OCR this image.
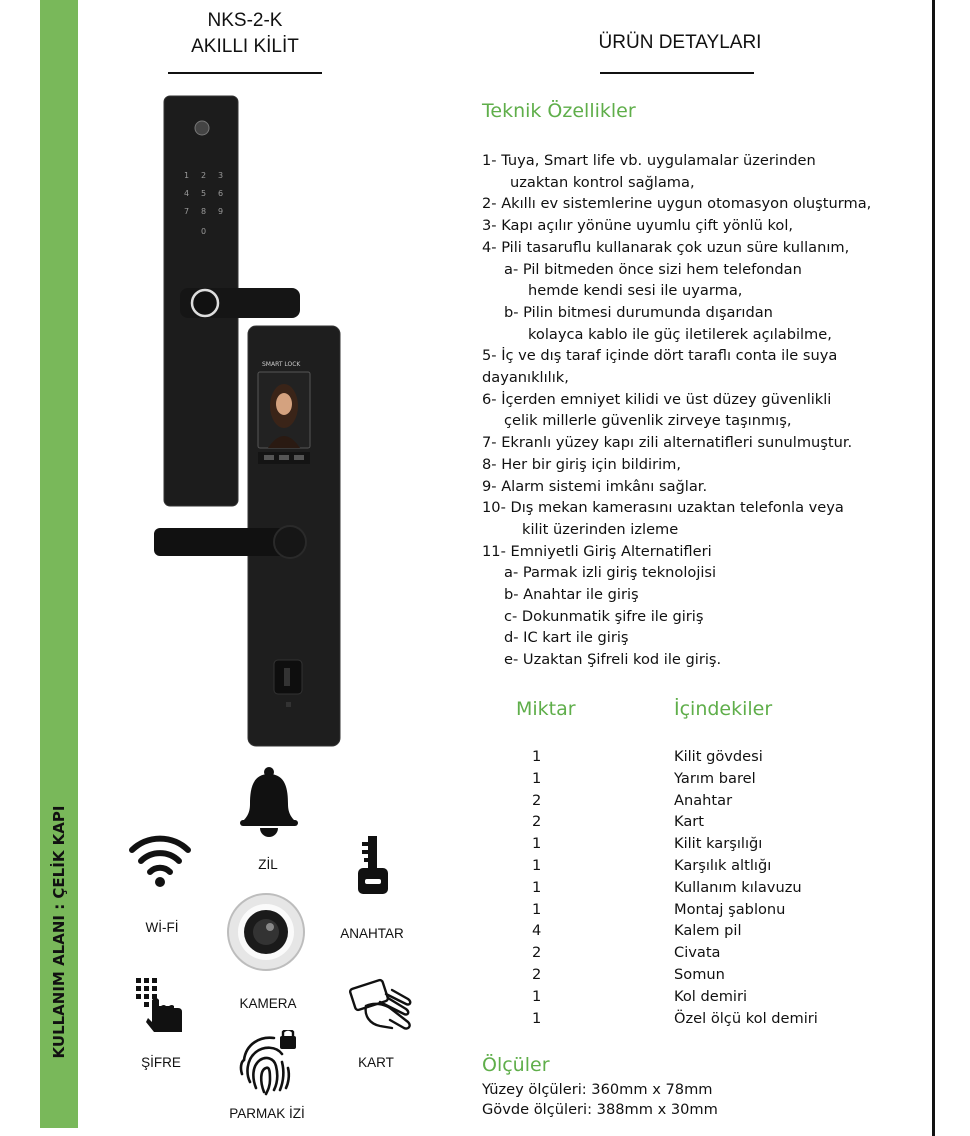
KULLANIM ALANI : ÇELİK KAPI
NKS-2-K
AKILLI KİLİT	ÜRÜN DETAYLARI
1 2 3
4 5 6
7 8 9
0
SMART LOCK
Wİ-Fİ
ZİL
ANAHTAR
KAMERA
ŞİFRE	KART
PARMAK İZİ
Teknik Özellikler
1- Tuya, Smart life vb. uygulamalar üzerinden
uzaktan kontrol sağlama,
2- Akıllı ev sistemlerine uygun otomasyon oluşturma,
3- Kapı açılır yönüne uyumlu çift yönlü kol,
4- Pili tasaruflu kullanarak çok uzun süre kullanım,
a- Pil bitmeden önce sizi hem telefondan
hemde kendi sesi ile uyarma,
b- Pilin bitmesi durumunda dışarıdan
kolayca kablo ile güç iletilerek açılabilme,
5- İç ve dış taraf içinde dört taraflı conta ile suya
dayanıklılık,
6- İçerden emniyet kilidi ve üst düzey güvenlikli
çelik millerle güvenlik zirveye taşınmış,
7- Ekranlı yüzey kapı zili alternatifleri sunulmuştur.
8- Her bir giriş için bildirim,
9- Alarm sistemi imkânı sağlar.
10- Dış mekan kamerasını uzaktan telefonla veya
kilit üzerinden izleme
11- Emniyetli Giriş Alternatifleri
a- Parmak izli giriş teknolojisi
b- Anahtar ile giriş
c- Dokunmatik şifre ile giriş
d- IC kart ile giriş
e- Uzaktan Şifreli kod ile giriş.
Miktar	İçindekiler
1	Kilit gövdesi
1	Yarım barel
2	Anahtar
2	Kart
1	Kilit karşılığı
1	Karşılık altlığı
1	Kullanım kılavuzu
1	Montaj şablonu
4	Kalem pil
2	Civata
2	Somun
1	Kol demiri
1	Özel ölçü kol demiri
Ölçüler
Yüzey ölçüleri: 360mm x 78mm
Gövde ölçüleri: 388mm x 30mm
